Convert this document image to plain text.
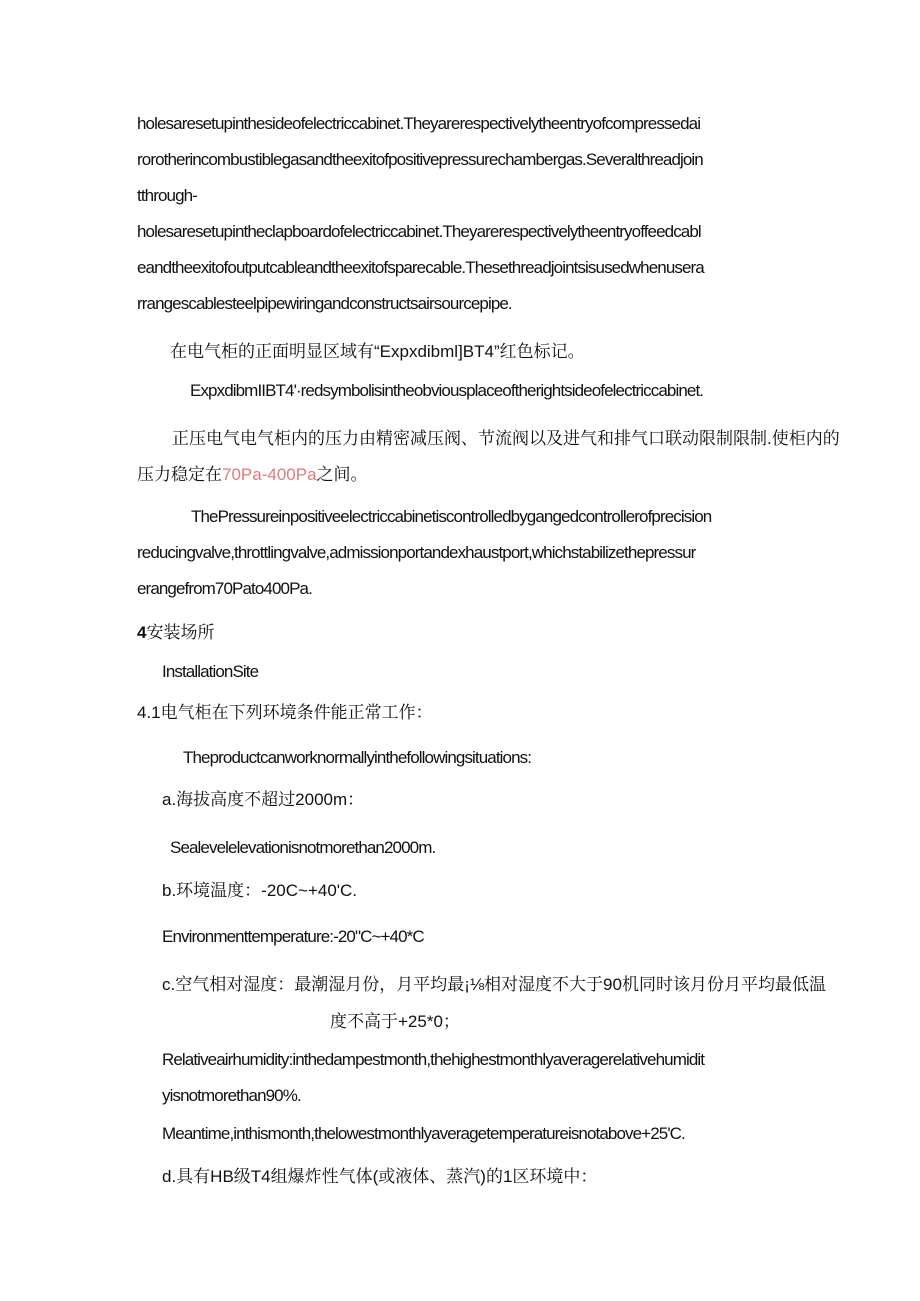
holesaresetupinthesideofelectriccabinet.Theyarerespectivelytheentryofcompressedai
rorotherincombustiblegasandtheexitofpositivepressurechambergas.Severalthreadjoin
tthrough-
holesaresetupintheclapboardofelectriccabinet.Theyarerespectivelytheentryoffeedcabl
eandtheexitofoutputcableandtheexitofsparecable.Thesethreadjointsisusedwhenusera
rrangescablesteelpipewiringandconstructsairsourcepipe.
在电气柜的正面明显区域有“Expxdibml]BT4”红色标记。
ExpxdibmIIBT4'·redsymbolisintheobviousplaceoftherightsideofelectriccabinet.
正压电气电气柜内的压力由精密减压阀、节流阀以及进气和排气口联动限制限制.使柜内的
压力稳定在70Pa-400Pa之间。
ThePressureinpositiveelectriccabinetiscontrolledbygangedcontrollerofprecision
reducingvalve,throttlingvalve,admissionportandexhaustport,whichstabilizethepressur
erangefrom70Pato400Pa.
4安装场所
InstallationSite
4.1电气柜在下列环境条件能正常工作：
Theproductcanworknormallyinthefollowingsituations:
a.海拔高度不超过2000m：
Sealevelelevationisnotmorethan2000m.
b.环境温度：-20C~+40'C.
Environmenttemperature:-20"C~+40*C
c.空气相对湿度：最潮湿月份，月平均最¡⅛相对湿度不大于90机同时该月份月平均最低温
度不高于+25*0；
Relativeairhumidity:inthedampestmonth,thehighestmonthlyaveragerelativehumidit
yisnotmorethan90%.
Meantime,inthismonth,thelowestmonthlyaveragetemperatureisnotabove+25'C.
d.具有HB级T4组爆炸性气体(或液体、蒸汽)的1区环境中：
